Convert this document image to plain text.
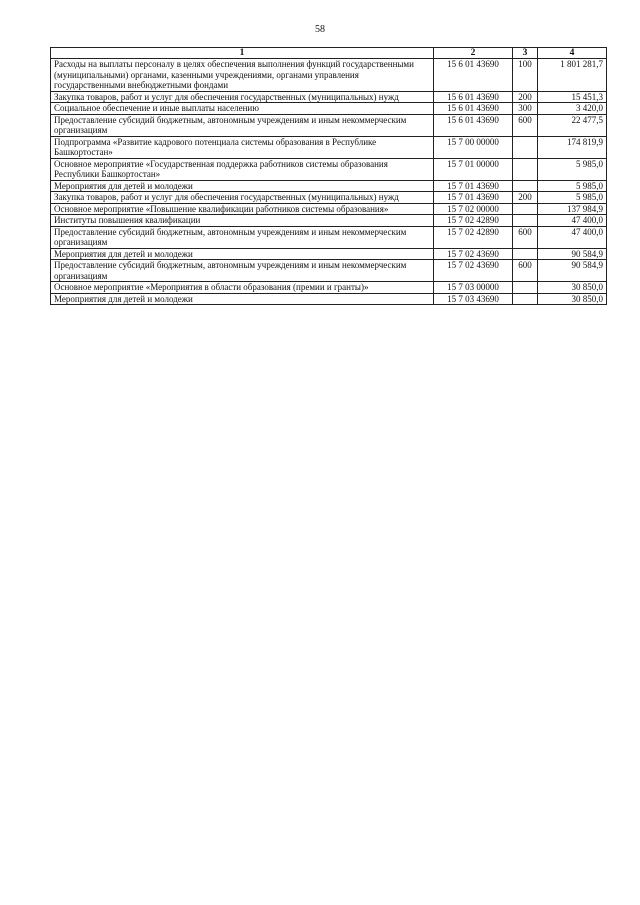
58
1	2	3	4
Расходы на выплаты персоналу в целях обеспечения выполнения функций государственными (муниципальными) органами, казенными учреждениями, органами управления государственными внебюджетными фондами	15 6 01 43690	100	1 801 281,7
Закупка товаров, работ и услуг для обеспечения государственных (муниципальных) нужд	15 6 01 43690	200	15 451,3
Социальное обеспечение и иные выплаты населению	15 6 01 43690	300	3 420,0
Предоставление субсидий бюджетным, автономным учреждениям и иным некоммерческим организациям	15 6 01 43690	600	22 477,5
Подпрограмма «Развитие кадрового потенциала системы образования в Республике Башкортостан»	15 7 00 00000		174 819,9
Основное мероприятие «Государственная поддержка работников системы образования Республики Башкортостан»	15 7 01 00000		5 985,0
Мероприятия для детей и молодежи	15 7 01 43690		5 985,0
Закупка товаров, работ и услуг для обеспечения государственных (муниципальных) нужд	15 7 01 43690	200	5 985,0
Основное мероприятие «Повышение квалификации работников системы образования»	15 7 02 00000		137 984,9
Институты повышения квалификации	15 7 02 42890		47 400,0
Предоставление субсидий бюджетным, автономным учреждениям и иным некоммерческим организациям	15 7 02 42890	600	47 400,0
Мероприятия для детей и молодежи	15 7 02 43690		90 584,9
Предоставление субсидий бюджетным, автономным учреждениям и иным некоммерческим организациям	15 7 02 43690	600	90 584,9
Основное мероприятие «Мероприятия в области образования (премии и гранты)»	15 7 03 00000		30 850,0
Мероприятия для детей и молодежи	15 7 03 43690		30 850,0
